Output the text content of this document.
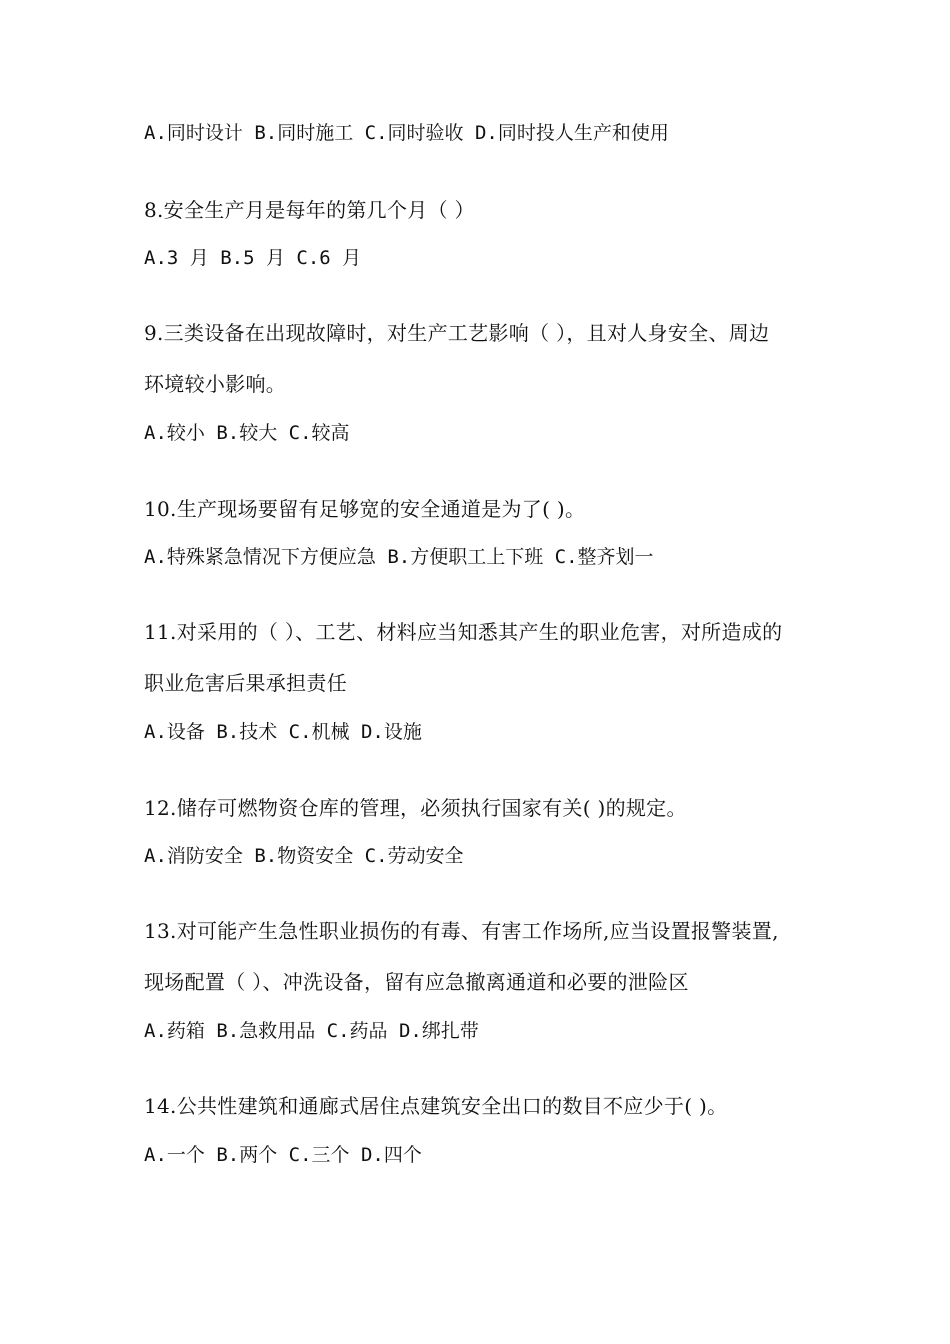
A.同时设计 B.同时施工 C.同时验收 D.同时投人生产和使用
8.安全生产月是每年的第几个月（ ）
A.3 月 B.5 月 C.6 月
9.三类设备在出现故障时，对生产工艺影响（ ），且对人身安全、周边
环境较小影响。
A.较小 B.较大 C.较高
10.生产现场要留有足够宽的安全通道是为了( )。
A.特殊紧急情况下方便应急 B.方便职工上下班 C.整齐划一
11.对采用的（ ）、工艺、材料应当知悉其产生的职业危害，对所造成的
职业危害后果承担责任
A.设备 B.技术 C.机械 D.设施
12.储存可燃物资仓库的管理，必须执行国家有关( )的规定。
A.消防安全 B.物资安全 C.劳动安全
13.对可能产生急性职业损伤的有毒、有害工作场所,应当设置报警装置,
现场配置（ ）、冲洗设备，留有应急撤离通道和必要的泄险区
A.药箱 B.急救用品 C.药品 D.绑扎带
14.公共性建筑和通廊式居住点建筑安全出口的数目不应少于( )。
A.一个 B.两个 C.三个 D.四个
